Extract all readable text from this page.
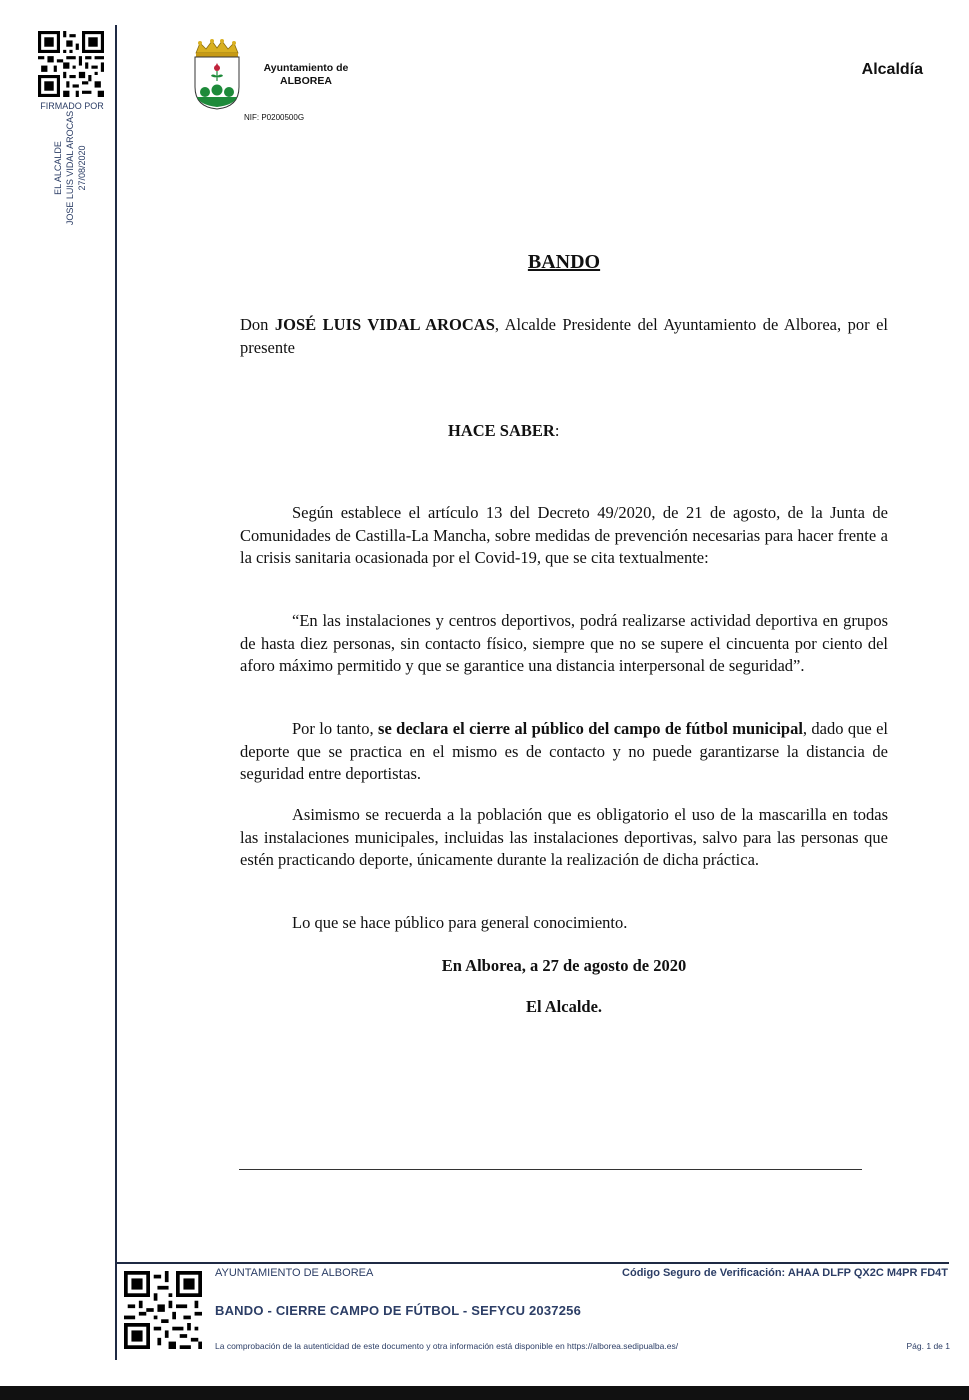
FIRMADO POR
EL ALCALDE JOSE LUIS VIDAL AROCAS 27/08/2020
Ayuntamiento de
ALBOREA
NIF: P0200500G
Alcaldía
BANDO
Don JOSÉ LUIS VIDAL AROCAS, Alcalde Presidente del Ayuntamiento de Alborea, por el presente
HACE SABER:
Según establece el artículo 13 del Decreto 49/2020, de 21 de agosto, de la Junta de Comunidades de Castilla-La Mancha, sobre medidas de prevención necesarias para hacer frente a la crisis sanitaria ocasionada por el Covid-19, que se cita textualmente:
“En las instalaciones y centros deportivos, podrá realizarse actividad deportiva en grupos de hasta diez personas, sin contacto físico, siempre que no se supere el cincuenta por ciento del aforo máximo permitido y que se garantice una distancia interpersonal de seguridad”.
Por lo tanto, se declara el cierre al público del campo de fútbol municipal, dado que el deporte que se practica en el mismo es de contacto y no puede garantizarse la distancia de seguridad entre deportistas.
Asimismo se recuerda a la población que es obligatorio el uso de la mascarilla en todas las instalaciones municipales, incluidas las instalaciones deportivas, salvo para las personas que estén practicando deporte, únicamente durante la realización de dicha práctica.
Lo que se hace público para general conocimiento.
En Alborea, a 27 de agosto de 2020
El Alcalde.
AYUNTAMIENTO DE ALBOREA	Código Seguro de Verificación: AHAA DLFP QX2C M4PR FD4T
BANDO - CIERRE CAMPO DE FÚTBOL - SEFYCU 2037256
La comprobación de la autenticidad de este documento y otra información está disponible en https://alborea.sedipualba.es/	Pág. 1 de 1
